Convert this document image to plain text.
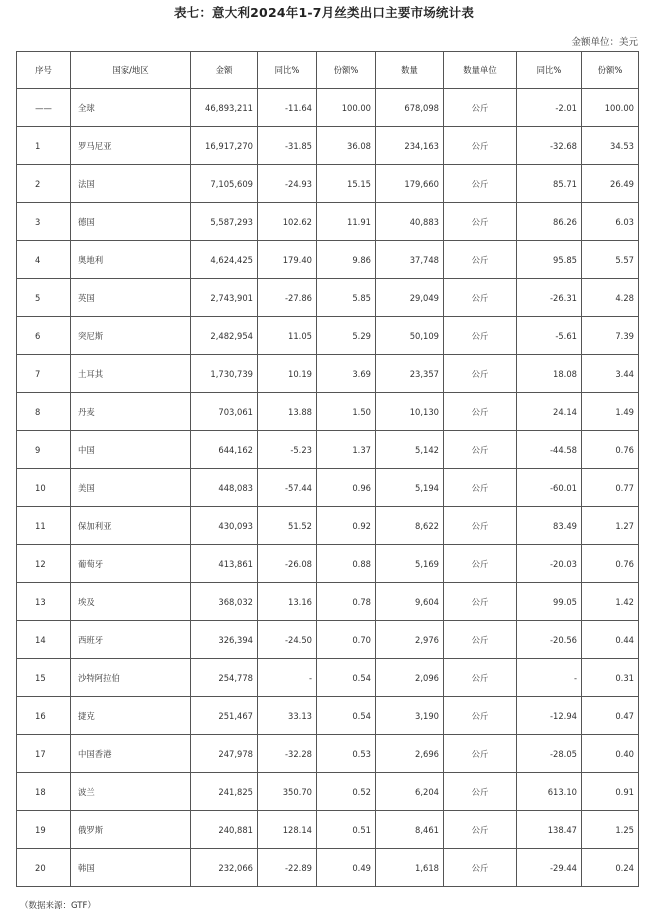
表七：意大利2024年1-7月丝类出口主要市场统计表
金额单位：美元
序号	国家/地区	金额	同比%	份额%	数量	数量单位	同比%	份额%
——	全球	46,893,211	-11.64	100.00	678,098	公斤	-2.01	100.00
1	罗马尼亚	16,917,270	-31.85	36.08	234,163	公斤	-32.68	34.53
2	法国	7,105,609	-24.93	15.15	179,660	公斤	85.71	26.49
3	德国	5,587,293	102.62	11.91	40,883	公斤	86.26	6.03
4	奥地利	4,624,425	179.40	9.86	37,748	公斤	95.85	5.57
5	英国	2,743,901	-27.86	5.85	29,049	公斤	-26.31	4.28
6	突尼斯	2,482,954	11.05	5.29	50,109	公斤	-5.61	7.39
7	土耳其	1,730,739	10.19	3.69	23,357	公斤	18.08	3.44
8	丹麦	703,061	13.88	1.50	10,130	公斤	24.14	1.49
9	中国	644,162	-5.23	1.37	5,142	公斤	-44.58	0.76
10	美国	448,083	-57.44	0.96	5,194	公斤	-60.01	0.77
11	保加利亚	430,093	51.52	0.92	8,622	公斤	83.49	1.27
12	葡萄牙	413,861	-26.08	0.88	5,169	公斤	-20.03	0.76
13	埃及	368,032	13.16	0.78	9,604	公斤	99.05	1.42
14	西班牙	326,394	-24.50	0.70	2,976	公斤	-20.56	0.44
15	沙特阿拉伯	254,778	-	0.54	2,096	公斤	-	0.31
16	捷克	251,467	33.13	0.54	3,190	公斤	-12.94	0.47
17	中国香港	247,978	-32.28	0.53	2,696	公斤	-28.05	0.40
18	波兰	241,825	350.70	0.52	6,204	公斤	613.10	0.91
19	俄罗斯	240,881	128.14	0.51	8,461	公斤	138.47	1.25
20	韩国	232,066	-22.89	0.49	1,618	公斤	-29.44	0.24
（数据来源：GTF）
